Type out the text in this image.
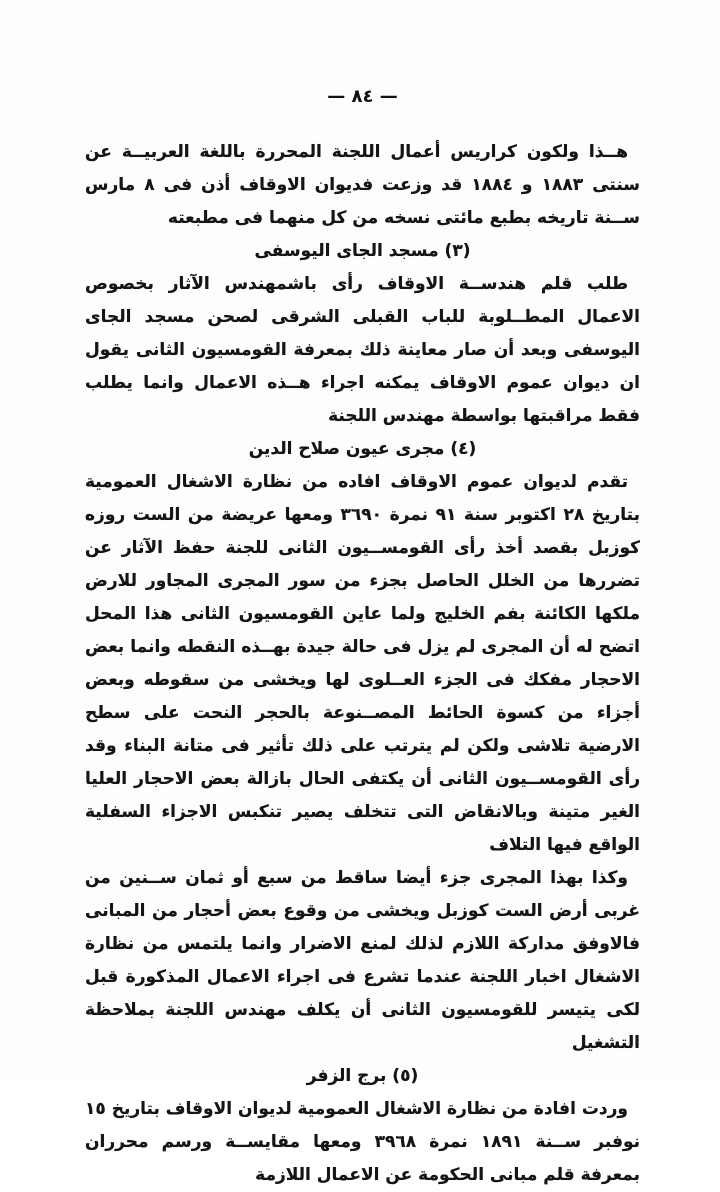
— ٨٤ —

هــذا ولكون كراريس أعمال اللجنة المحررة باللغة العربيــة عن سنتى ١٨٨٣ و ١٨٨٤ قد وزعت فديوان الاوقاف أذن فى ٨ مارس ســنة تاريخه بطبع مائتى نسخه من كل منهما فى مطبعته

(٣) مسجد الجاى اليوسفى

طلب قلم هندســة الاوقاف رأى باشمهندس الآثار بخصوص الاعمال المطــلوبة للباب القبلى الشرقى لصحن مسجد الجاى اليوسفى وبعد أن صار معاينة ذلك بمعرفة القومسيون الثانى يقول ان ديوان عموم الاوقاف يمكنه اجراء هــذه الاعمال وانما يطلب فقط مراقبتها بواسطة مهندس اللجنة

(٤) مجرى عيون صلاح الدين

تقدم لديوان عموم الاوقاف افاده من نظارة الاشغال العمومية بتاريخ ٢٨ اكتوبر سنة ٩١ نمرة ٣٦٩٠ ومعها عريضة من الست روزه كوزبل بقصد أخذ رأى القومســيون الثانى للجنة حفظ الآثار عن تضررها من الخلل الحاصل بجزء من سور المجرى المجاور للارض ملكها الكائنة بفم الخليج ولما عاين القومسيون الثانى هذا المحل اتضح له أن المجرى لم يزل فى حالة جيدة بهــذه النقطه وانما بعض الاحجار مفكك فى الجزء العــلوى لها ويخشى من سقوطه وبعض أجزاء من كسوة الحائط المصــنوعة بالحجر النحت على سطح الارضية تلاشى ولكن لم يترتب على ذلك تأثير فى متانة البناء وقد رأى القومســيون الثانى أن يكتفى الحال بازالة بعض الاحجار العليا الغير متينة وبالانقاض التى تتخلف يصير تنكبس الاجزاء السفلية الواقع فيها التلاف

وكذا بهذا المجرى جزء أيضا ساقط من سبع أو ثمان ســنين من غربى أرض الست كوزبل ويخشى من وقوع بعض أحجار من المبانى فالاوفق مداركة اللازم لذلك لمنع الاضرار وانما يلتمس من نظارة الاشغال اخبار اللجنة عندما تشرع فى اجراء الاعمال المذكورة قبل لكى يتيسر للقومسيون الثانى أن يكلف مهندس اللجنة بملاحظة التشغيل

(٥) برج الزفر

وردت افادة من نظارة الاشغال العمومية لديوان الاوقاف بتاريخ ١٥ نوفبر ســنة ١٨٩١ نمرة ٣٩٦٨ ومعها مقايســة ورسم محرران بمعرفة قلم مبانى الحكومة عن الاعمال اللازمة
